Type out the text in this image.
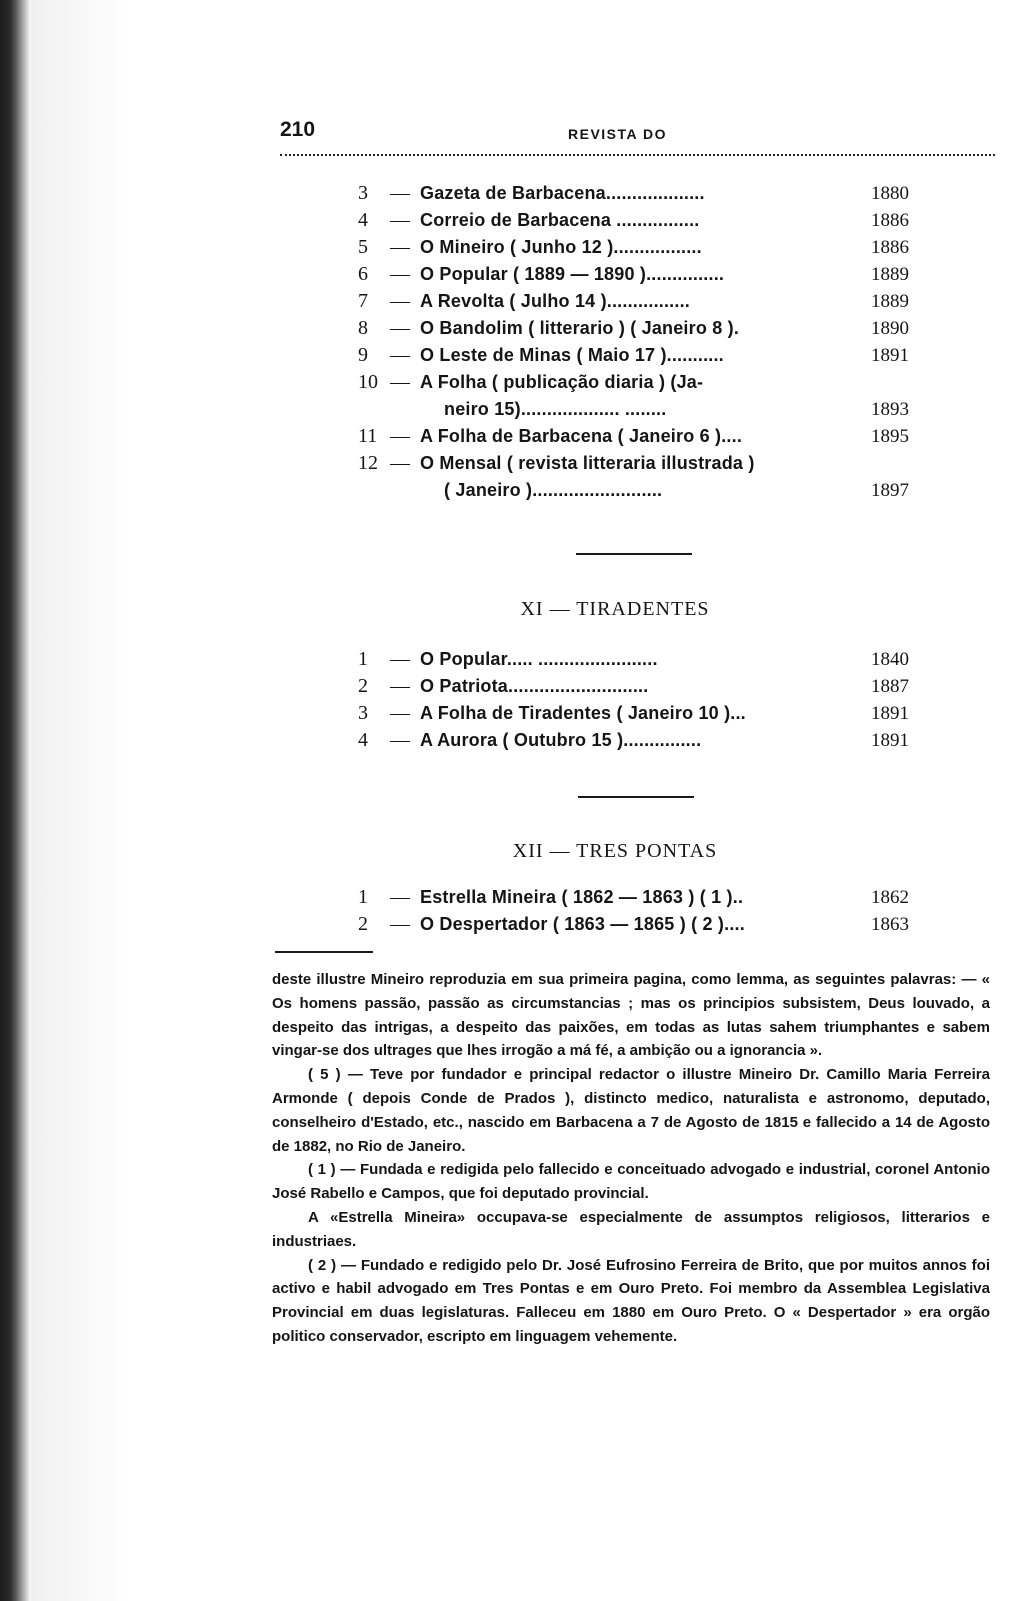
210	REVISTA DO
3	— Gazeta de Barbacena...................	1880
4	— Correio de Barbacena ................	1886
5	— O Mineiro ( Junho 12 ).................	1886
6	— O Popular ( 1889 — 1890 )...............	1889
7	— A Revolta ( Julho 14 )................	1889
8	— O Bandolim ( litterario ) ( Janeiro 8 ).	1890
9	— O Leste de Minas ( Maio 17 )...........	1891
10 — A Folha ( publicação diaria ) (Ja-
neiro 15)................... ........	1893
11 — A Folha de Barbacena ( Janeiro 6 )....	1895
12 — O Mensal ( revista litteraria illustrada )
( Janeiro ).........................	1897
XI — TIRADENTES
1	— O Popular..... .......................	1840
2	— O Patriota...........................	1887
3	— A Folha de Tiradentes ( Janeiro 10 )...	1891
4	— A Aurora ( Outubro 15 )...............	1891
XII — TRES PONTAS
1	— Estrella Mineira ( 1862 — 1863 ) ( 1 )..	1862
2	— O Despertador ( 1863 — 1865 ) ( 2 )....	1863

deste illustre Mineiro reproduzia em sua primeira pagina, como lemma, as seguintes palavras: — « Os homens passão, passão as circumstancias ; mas os principios subsistem, Deus louvado, a despeito das intrigas, a despeito das paixões, em todas as lutas sahem triumphantes e sabem vingar-se dos ultrages que lhes irrogão a má fé, a ambição ou a ignorancia ».

( 5 ) — Teve por fundador e principal redactor o illustre Mineiro Dr. Camillo Maria Ferreira Armonde ( depois Conde de Prados ), distincto medico, naturalista e astronomo, deputado, conselheiro d'Estado, etc., nascido em Barbacena a 7 de Agosto de 1815 e fallecido a 14 de Agosto de 1882, no Rio de Janeiro.

( 1 ) — Fundada e redigida pelo fallecido e conceituado advogado e industrial, coronel Antonio José Rabello e Campos, que foi deputado provincial.

A «Estrella Mineira» occupava-se especialmente de assumptos religiosos, litterarios e industriaes.

( 2 ) — Fundado e redigido pelo Dr. José Eufrosino Ferreira de Brito, que por muitos annos foi activo e habil advogado em Tres Pontas e em Ouro Preto. Foi membro da Assemblea Legislativa Provincial em duas legislaturas. Falleceu em 1880 em Ouro Preto. O « Despertador » era orgão politico conservador, escripto em linguagem vehemente.
